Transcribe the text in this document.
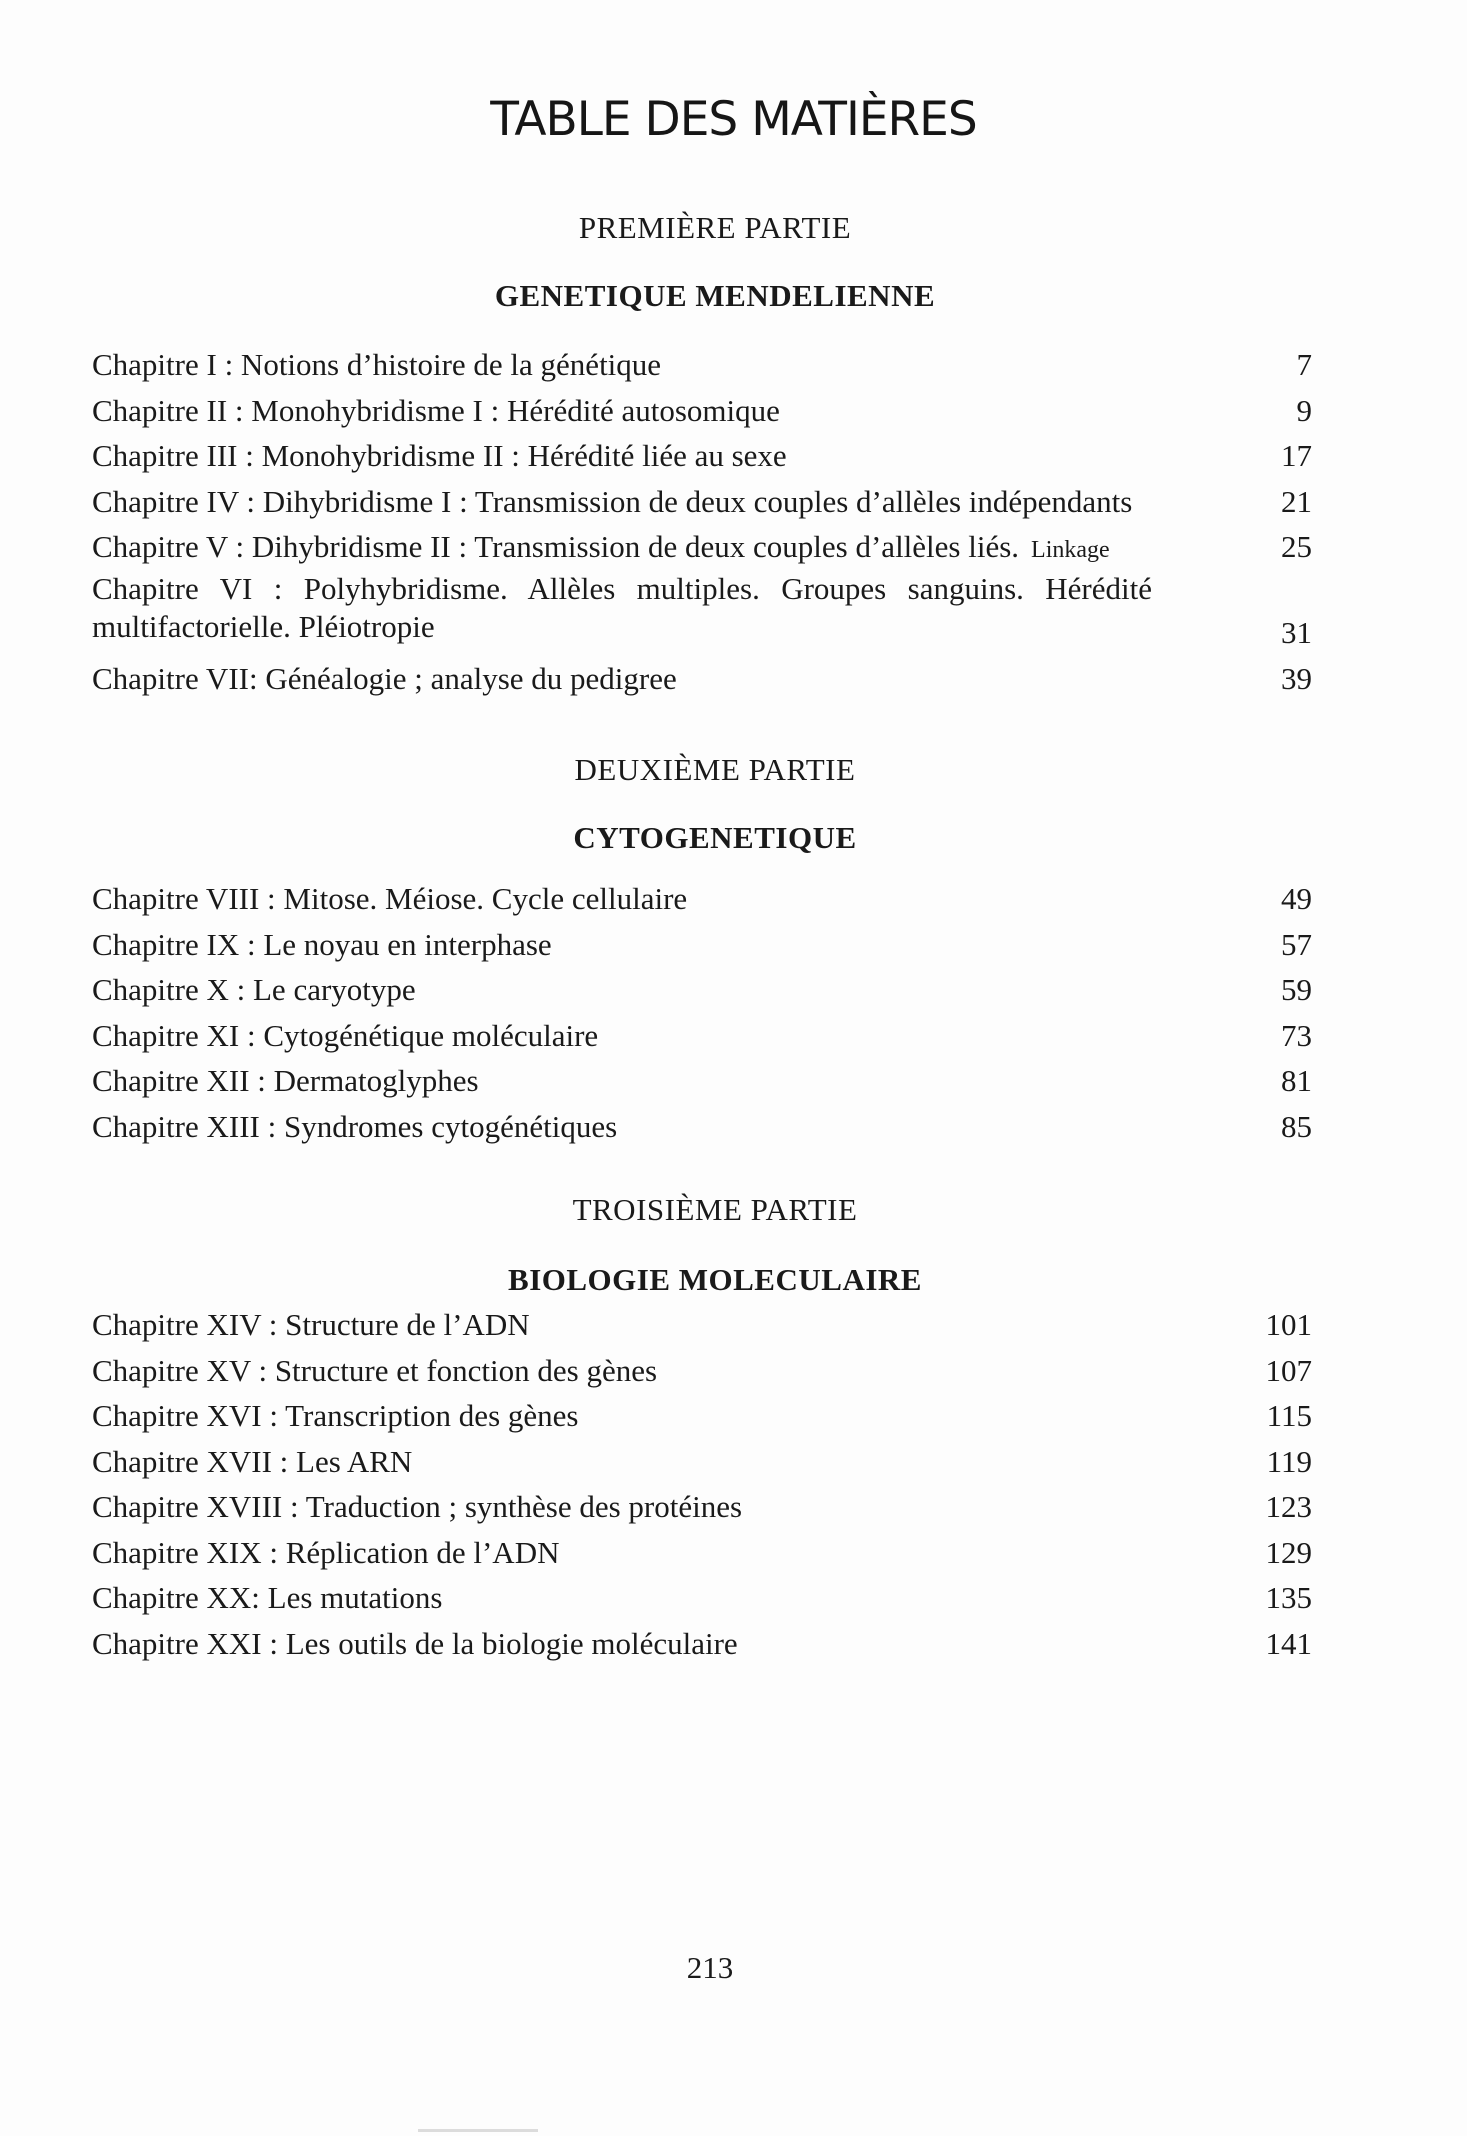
TABLE DES MATIÈRES
PREMIÈRE PARTIE
GENETIQUE MENDELIENNE
Chapitre I : Notions d’histoire de la génétique	7
Chapitre II : Monohybridisme I : Hérédité autosomique	9
Chapitre III : Monohybridisme II : Hérédité liée au sexe	17
Chapitre IV : Dihybridisme I : Transmission de deux couples d’allèles indépendants	21
Chapitre V : Dihybridisme II : Transmission de deux couples d’allèles liés. Linkage	25
Chapitre VI : Polyhybridisme. Allèles multiples. Groupes sanguins. Hérédité multifactorielle. Pléiotropie	31
Chapitre VII: Généalogie ; analyse du pedigree	39
DEUXIÈME PARTIE
CYTOGENETIQUE
Chapitre VIII : Mitose. Méiose. Cycle cellulaire	49
Chapitre IX : Le noyau en interphase	57
Chapitre X : Le caryotype	59
Chapitre XI : Cytogénétique moléculaire	73
Chapitre XII : Dermatoglyphes	81
Chapitre XIII : Syndromes cytogénétiques	85
TROISIÈME PARTIE
BIOLOGIE MOLECULAIRE
Chapitre XIV : Structure de l’ADN	101
Chapitre XV : Structure et fonction des gènes	107
Chapitre XVI : Transcription des gènes	115
Chapitre XVII : Les ARN	119
Chapitre XVIII : Traduction ; synthèse des protéines	123
Chapitre XIX : Réplication de l’ADN	129
Chapitre XX: Les mutations	135
Chapitre XXI : Les outils de la biologie moléculaire	141
213
